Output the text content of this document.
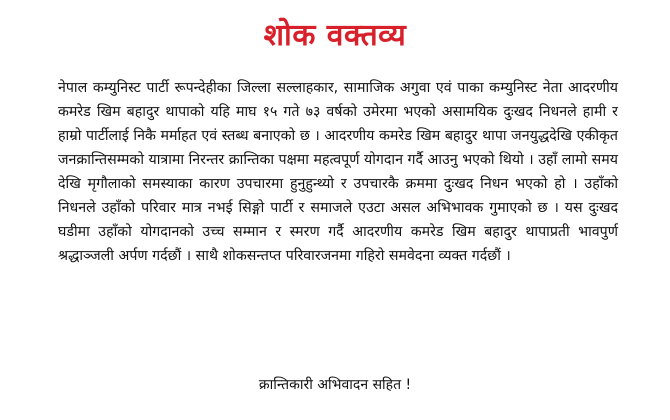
शोक वक्तव्य

नेपाल कम्युनिस्ट पार्टी रूपन्देहीका जिल्ला सल्लाहकार, सामाजिक अगुवा एवं पाका कम्युनिस्ट नेता आदरणीय कमरेड खिम बहादुर थापाको यहि माघ १५ गते ७३ वर्षको उमेरमा भएको असामयिक दुःखद निधनले हामी र हाम्रो पार्टीलाई निकै मर्माहत एवं स्तब्ध बनाएको छ । आदरणीय कमरेड खिम बहादुर थापा जनयुद्धदेखि एकीकृत जनक्रान्तिसम्मको यात्रामा निरन्तर क्रान्तिका पक्षमा महत्वपूर्ण योगदान गर्दै आउनु भएको थियो । उहाँ लामो समय देखि मृगौलाको समस्याका कारण उपचारमा हुनुहुन्थ्यो र उपचारकै क्रममा दुःखद निधन भएको हो । उहाँको निधनले उहाँको परिवार मात्र नभई सिङ्गो पार्टी र समाजले एउटा असल अभिभावक गुमाएको छ । यस दुःखद घडीमा उहाँको योगदानको उच्च सम्मान र स्मरण गर्दै आदरणीय कमरेड खिम बहादुर थापाप्रती भावपुर्ण श्रद्धाञ्जली अर्पण गर्दछौं । साथै शोकसन्तप्त परिवारजनमा गहिरो समवेदना व्यक्त गर्दछौं ।

क्रान्तिकारी अभिवादन सहित !
